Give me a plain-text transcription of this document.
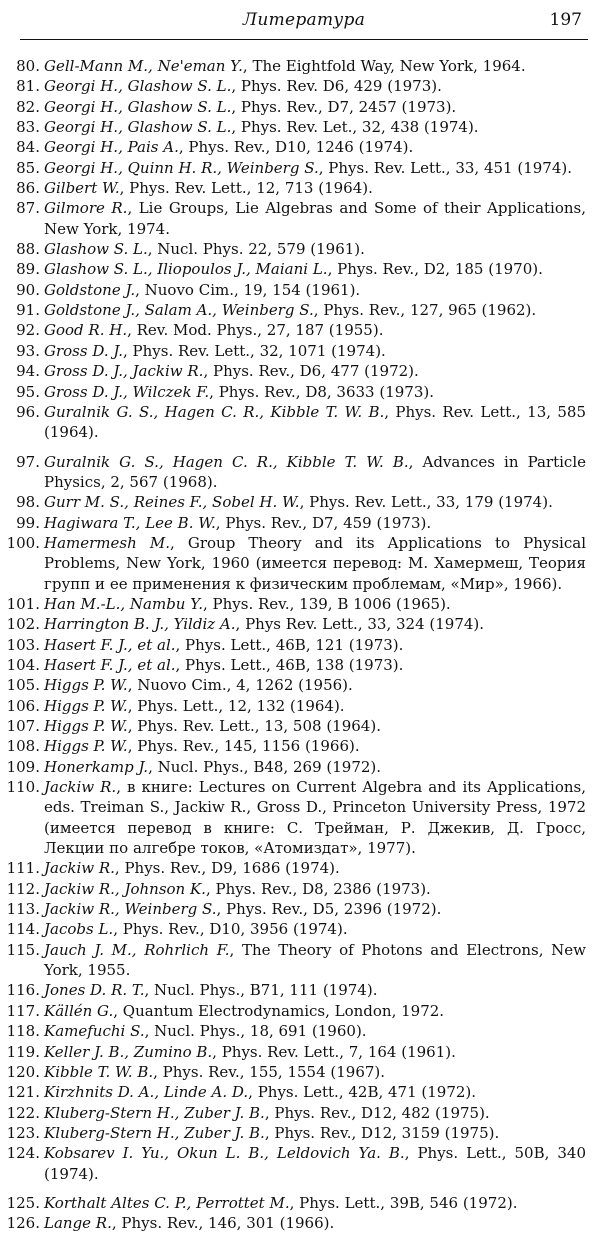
Литература	197
80. Gell-Mann M., Ne'eman Y., The Eightfold Way, New York, 1964.
81. Georgi H., Glashow S. L., Phys. Rev. D6, 429 (1973).
82. Georgi H., Glashow S. L., Phys. Rev., D7, 2457 (1973).
83. Georgi H., Glashow S. L., Phys. Rev. Let., 32, 438 (1974).
84. Georgi H., Pais A., Phys. Rev., D10, 1246 (1974).
85. Georgi H., Quinn H. R., Weinberg S., Phys. Rev. Lett., 33, 451 (1974).
86. Gilbert W., Phys. Rev. Lett., 12, 713 (1964).
87. Gilmore R., Lie Groups, Lie Algebras and Some of their Applications, New York, 1974.
88. Glashow S. L., Nucl. Phys. 22, 579 (1961).
89. Glashow S. L., Iliopoulos J., Maiani L., Phys. Rev., D2, 185 (1970).
90. Goldstone J., Nuovo Cim., 19, 154 (1961).
91. Goldstone J., Salam A., Weinberg S., Phys. Rev., 127, 965 (1962).
92. Good R. H., Rev. Mod. Phys., 27, 187 (1955).
93. Gross D. J., Phys. Rev. Lett., 32, 1071 (1974).
94. Gross D. J., Jackiw R., Phys. Rev., D6, 477 (1972).
95. Gross D. J., Wilczek F., Phys. Rev., D8, 3633 (1973).
96. Guralnik G. S., Hagen C. R., Kibble T. W. B., Phys. Rev. Lett., 13, 585 (1964).
97. Guralnik G. S., Hagen C. R., Kibble T. W. B., Advances in Particle Physics, 2, 567 (1968).
98. Gurr M. S., Reines F., Sobel H. W., Phys. Rev. Lett., 33, 179 (1974).
99. Hagiwara T., Lee B. W., Phys. Rev., D7, 459 (1973).
100. Hamermesh M., Group Theory and its Applications to Physical Problems, New York, 1960 (имеется перевод: М. Хамермеш, Теория групп и ее применения к физическим проблемам, «Мир», 1966).
101. Han M.-L., Nambu Y., Phys. Rev., 139, B 1006 (1965).
102. Harrington B. J., Yildiz A., Phys Rev. Lett., 33, 324 (1974).
103. Hasert F. J., et al., Phys. Lett., 46B, 121 (1973).
104. Hasert F. J., et al., Phys. Lett., 46B, 138 (1973).
105. Higgs P. W., Nuovo Cim., 4, 1262 (1956).
106. Higgs P. W., Phys. Lett., 12, 132 (1964).
107. Higgs P. W., Phys. Rev. Lett., 13, 508 (1964).
108. Higgs P. W., Phys. Rev., 145, 1156 (1966).
109. Honerkamp J., Nucl. Phys., B48, 269 (1972).
110. Jackiw R., в книге: Lectures on Current Algebra and its Applications, eds. Treiman S., Jackiw R., Gross D., Princeton University Press, 1972 (имеется перевод в книге: С. Трейман, Р. Джекив, Д. Гросс, Лекции по алгебре токов, «Атомиздат», 1977).
111. Jackiw R., Phys. Rev., D9, 1686 (1974).
112. Jackiw R., Johnson K., Phys. Rev., D8, 2386 (1973).
113. Jackiw R., Weinberg S., Phys. Rev., D5, 2396 (1972).
114. Jacobs L., Phys. Rev., D10, 3956 (1974).
115. Jauch J. M., Rohrlich F., The Theory of Photons and Electrons, New York, 1955.
116. Jones D. R. T., Nucl. Phys., B71, 111 (1974).
117. Källén G., Quantum Electrodynamics, London, 1972.
118. Kamefuchi S., Nucl. Phys., 18, 691 (1960).
119. Keller J. B., Zumino B., Phys. Rev. Lett., 7, 164 (1961).
120. Kibble T. W. B., Phys. Rev., 155, 1554 (1967).
121. Kirzhnits D. A., Linde A. D., Phys. Lett., 42B, 471 (1972).
122. Kluberg-Stern H., Zuber J. B., Phys. Rev., D12, 482 (1975).
123. Kluberg-Stern H., Zuber J. B., Phys. Rev., D12, 3159 (1975).
124. Kobsarev I. Yu., Okun L. B., Leldovich Ya. B., Phys. Lett., 50B, 340 (1974).
125. Korthalt Altes C. P., Perrottet M., Phys. Lett., 39B, 546 (1972).
126. Lange R., Phys. Rev., 146, 301 (1966).
